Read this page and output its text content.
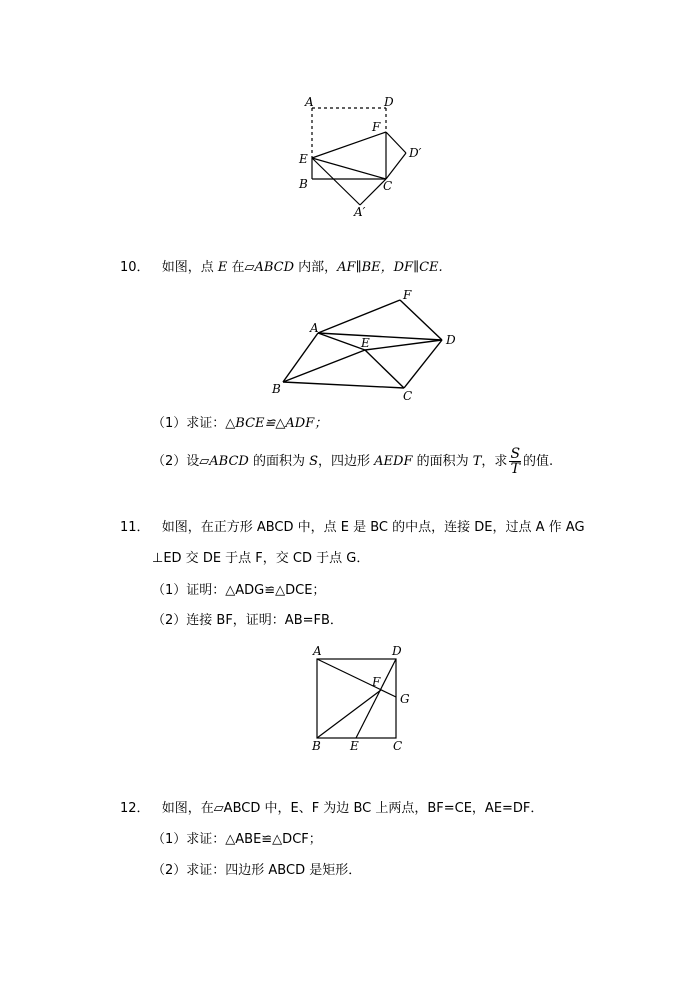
A	D
F
D′
E
B	C
A′
10． 如图，点 E 在▱ABCD 内部，AF∥BE，DF∥CE.
A
F
E	D
B	C
（1）求证：△BCE≌△ADF；
（2）设▱ABCD 的面积为 S，四边形 AEDF 的面积为 T，求 $\frac{S}{T}$ 的值.
11． 如图，在正方形 ABCD 中，点 E 是 BC 的中点，连接 DE，过点 A 作 AG
⊥ED 交 DE 于点 F，交 CD 于点 G．
（1）证明：△ADG≌△DCE；
（2）连接 BF，证明：AB=FB．
A	D
F
G
B E	C
12． 如图，在▱ABCD 中，E、F 为边 BC 上两点，BF=CE，AE=DF．
（1）求证：△ABE≌△DCF；
（2）求证：四边形 ABCD 是矩形．
